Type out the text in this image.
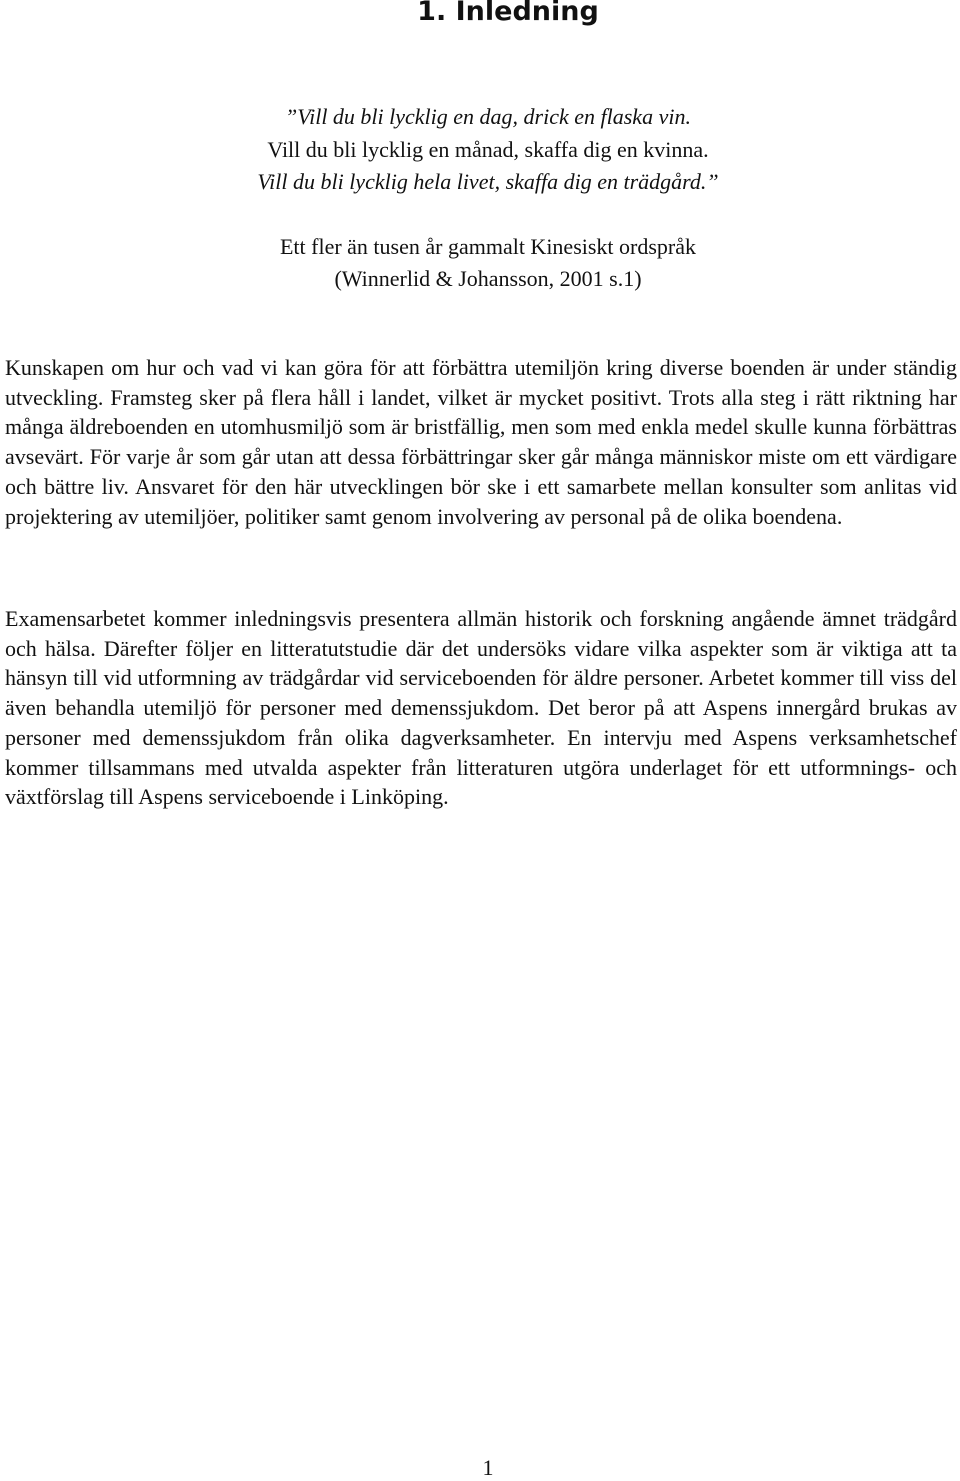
1. Inledning
”Vill du bli lycklig en dag, drick en flaska vin.
Vill du bli lycklig en månad, skaffa dig en kvinna.
Vill du bli lycklig hela livet, skaffa dig en trädgård.”
Ett fler än tusen år gammalt Kinesiskt ordspråk
(Winnerlid & Johansson, 2001 s.1)

Kunskapen om hur och vad vi kan göra för att förbättra utemiljön kring diverse boenden är under ständig utveckling. Framsteg sker på flera håll i landet, vilket är mycket positivt. Trots alla steg i rätt riktning har många äldreboenden en utomhusmiljö som är bristfällig, men som med enkla medel skulle kunna förbättras avsevärt. För varje år som går utan att dessa förbättringar sker går många människor miste om ett värdigare och bättre liv. Ansvaret för den här utvecklingen bör ske i ett samarbete mellan konsulter som anlitas vid projektering av utemiljöer, politiker samt genom involvering av personal på de olika boendena.

Examensarbetet kommer inledningsvis presentera allmän historik och forskning angående ämnet trädgård och hälsa. Därefter följer en litteratutstudie där det undersöks vidare vilka aspekter som är viktiga att ta hänsyn till vid utformning av trädgårdar vid serviceboenden för äldre personer. Arbetet kommer till viss del även behandla utemiljö för personer med demenssjukdom. Det beror på att Aspens innergård brukas av personer med demenssjukdom från olika dagverksamheter. En intervju med Aspens verksamhetschef kommer tillsammans med utvalda aspekter från litteraturen utgöra underlaget för ett utformnings- och växtförslag till Aspens serviceboende i Linköping.

1
